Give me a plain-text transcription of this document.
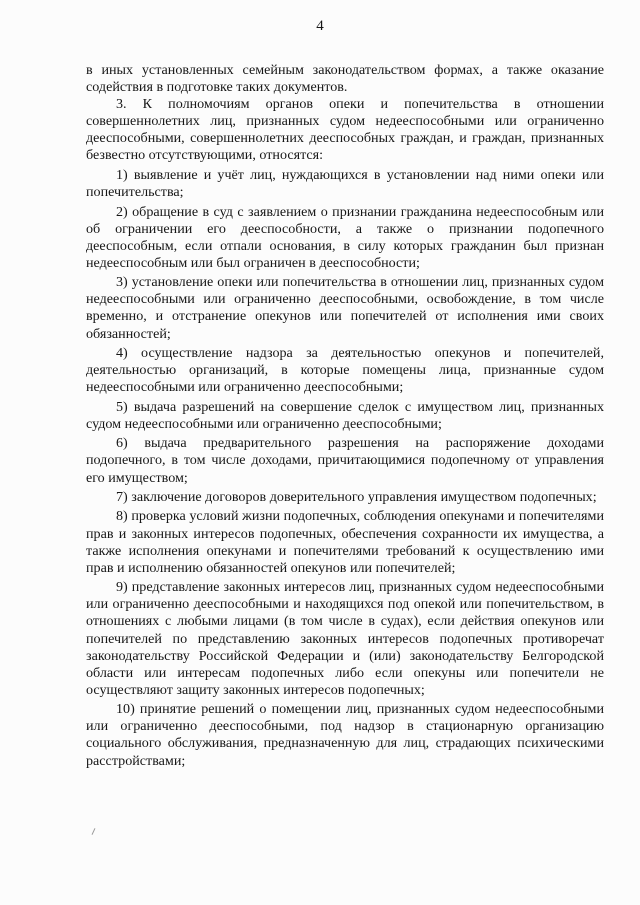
4

в иных установленных семейным законодательством формах, а также оказание содействия в подготовке таких документов.

3. К полномочиям органов опеки и попечительства в отношении совершеннолетних лиц, признанных судом недееспособными или ограниченно дееспособными, совершеннолетних дееспособных граждан, и граждан, признанных безвестно отсутствующими, относятся:

1) выявление и учёт лиц, нуждающихся в установлении над ними опеки или попечительства;

2) обращение в суд с заявлением о признании гражданина недееспособным или об ограничении его дееспособности, а также о признании подопечного дееспособным, если отпали основания, в силу которых гражданин был признан недееспособным или был ограничен в дееспособности;

3) установление опеки или попечительства в отношении лиц, признанных судом недееспособными или ограниченно дееспособными, освобождение, в том числе временно, и отстранение опекунов или попечителей от исполнения ими своих обязанностей;

4) осуществление надзора за деятельностью опекунов и попечителей, деятельностью организаций, в которые помещены лица, признанные судом недееспособными или ограниченно дееспособными;

5) выдача разрешений на совершение сделок с имуществом лиц, признанных судом недееспособными или ограниченно дееспособными;

6) выдача предварительного разрешения на распоряжение доходами подопечного, в том числе доходами, причитающимися подопечному от управления его имуществом;

7) заключение договоров доверительного управления имуществом подопечных;

8) проверка условий жизни подопечных, соблюдения опекунами и попечителями прав и законных интересов подопечных, обеспечения сохранности их имущества, а также исполнения опекунами и попечителями требований к осуществлению ими прав и исполнению обязанностей опекунов или попечителей;

9) представление законных интересов лиц, признанных судом недееспособными или ограниченно дееспособными и находящихся под опекой или попечительством, в отношениях с любыми лицами (в том числе в судах), если действия опекунов или попечителей по представлению законных интересов подопечных противоречат законодательству Российской Федерации и (или) законодательству Белгородской области или интересам подопечных либо если опекуны или попечители не осуществляют защиту законных интересов подопечных;

10) принятие решений о помещении лиц, признанных судом недееспособными или ограниченно дееспособными, под надзор в стационарную организацию социального обслуживания, предназначенную для лиц, страдающих психическими расстройствами;
